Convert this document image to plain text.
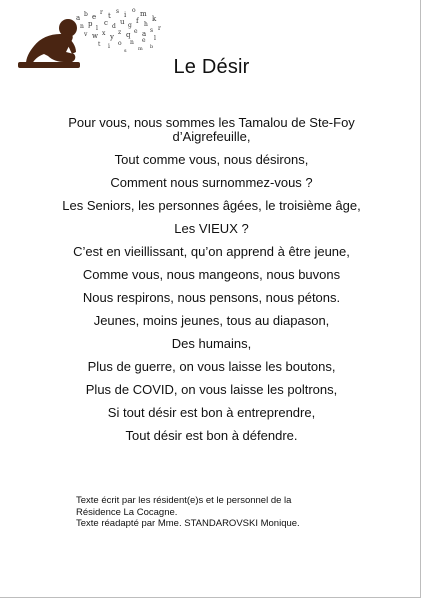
a b e
r t
s i
o m
n p
l
c d
u g
f h
k
v w x y
z q e a s r
t i o n e l
s m b
Le Désir
Pour vous, nous sommes les Tamalou de Ste-Foy d’Aigrefeuille,
Tout comme vous, nous désirons,
Comment nous surnommez-vous ?
Les Seniors, les personnes âgées, le troisième âge,
Les VIEUX ?
C’est en vieillissant, qu’on apprend à être jeune,
Comme vous, nous mangeons, nous buvons
Nous respirons, nous pensons, nous pétons.
Jeunes, moins jeunes, tous au diapason,
Des humains,
Plus de guerre, on vous laisse les boutons,
Plus de COVID, on vous laisse les poltrons,
Si tout désir est bon à entreprendre,
Tout désir est bon à défendre.
Texte écrit par les résident(e)s et le personnel de la
Résidence La Cocagne.
Texte réadapté par Mme. STANDAROVSKI Monique.
